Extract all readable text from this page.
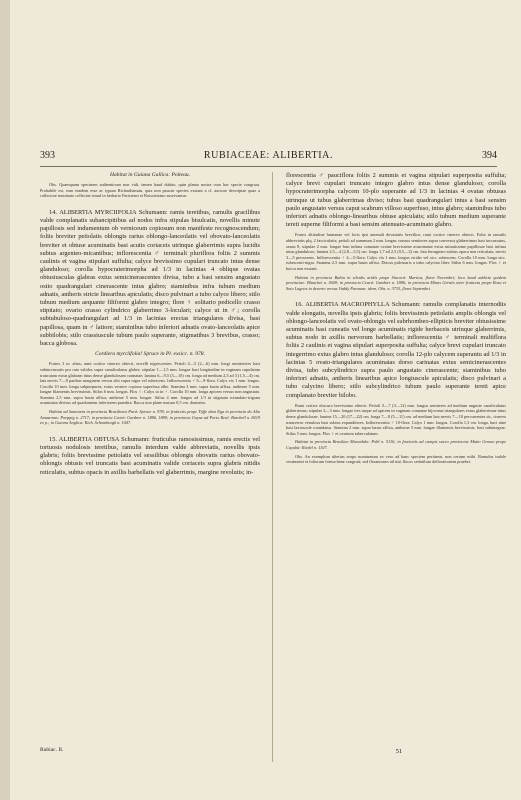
393	RUBIACEAE: ALIBERTIA.	394

Habitat in Guiana Gallica: Poiteau.

Obs. Quamquam specimen authenticum non vidi, tamen haud dubito, quin planta nostra cum hac specie congruat. Probabile est, eam eandem esse ac typum Richardianum, quia non paucae species exstant a cl. auctore descriptae quae a collectore nominato collectae simul in herbario Parisiensi et Boissieriano asservantur.

14. ALIBERTIA MYRCIIFOLIA Schumann: ramis teretibus, ramulis gracilibus valde complanatis subancipitibus ad nodos infra stipulas bisulcatis, novellis minute papillosis sed indumentum ob verniceum copiosum non manifeste recognoscendum; foliis breviter petiolatis oblongis rarius oblongo-lanceolatis vel obovato-lanceolatis breviter et obtuse acuminatis basi acutis coriaceis utrinque glaberrimis supra lucidis subtus argenteo-micantibus; inflorescentia ♂ terminali pluriflora foliis 2 summis caulinis et vagina stipulari suffulta; calyce brevissimo cupulari truncato intus dense glanduloso; corolla hypocraterimorpha ad 1/3 in lacinias 4 oblique ovatas obtusiusculas glabras extus semicinerascentes divisa, tubo a basi sensim angustato ostio quadrangulari cinerascente intus glabro; staminibus infra tubum medium adnatis, antheris stricte linearibus apiculatis; disco pulvinari a tubo calyce libero; stilo tubum medium aequante filiformi glabro integro; flore ♀ solitario pedicello crasso stipitato; ovario crasso cylindrico glaberrimo 3-loculari; calyce ut in ♂; corolla subtubuloso-quadrangulari ad 1/3 in lacinias erectas triangulares divisa, basi papillosa, quam in ♂ latiore; staminibus tubo inferiori adnatis ovato-lanceolatis apice subbilobis; stilo crassiuscule tubum paulo superante, stigmatibus 3 brevibus, crasso; bacca globosa.

Cordiera myrciifolia! Spruce in Pl. exsicc. n. 978.

Frutex 3 m. altus; rami cortice cinereo obtecti, novelli nigrescentes. Petioli 4—5 (2—6) mm. longi semiteretes basi subincrassatis pro rata validos supra canaliculatus glaber; stipulae 1—1,5 mm. longae basi longitudine in vaginam cupulatam truncatam extus glabram intus dense glandulosam connatae; lamina 6—9,5 (3—10) cm. longa ad medium 2,5 ad 3 (1,5—4) cm. lata nervis 7—8 paribus marginem versus sibi supra nigra vel rubescens. Inflorescentia ♂ 6—9-flora. Calyx vix 1 mm. longus. Corolla 10 mm. longa subpurpurea, extus vernice copiosa superfusa albo. Stamina 3 mm. supra basin affixa, antherae 5 mm. longae filamentis brevissimis. Stilus 6 mm. longus. Flos ♀: Calyx ut in ♂. Corolla 10 mm. longa apicem versus non angustata. Stamina 2,5 mm. supra basin affixa; antherae 5 mm. longae. Stilus 4 mm. longus ad 1/3 in stigmata rotundato-trigona acuminata divisus ad quadrantem inferiorem praedita. Bacca non plane matura 0,5 cm. diametro.

Habitat ad Santarem in provincia Brasiliensi Pará: Spruce n. 978; in fruticetis prope Tijffe dian Ega in provincia do Alto Amazonas: Poeppig n. 2717; in provincia Ceará: Gardner n. 1886, 1889; in provincia Goyaz ad Porto Real: Burchell n. 8419 ex p.; in Guiana Anglica: Rich. Schomburgk n. 1047.

15. ALIBERTIA OBTUSA Schumann: fruticulus ramosissimus, ramis erectis vel tortuosis nodulosis teretibus, ramulis interdum valde abbreviatis, novellis ipsis glabris; foliis brevissime petiolatis vel sessilibus oblongis obovatis rarius obovato-oblongis obtusis vel truncatis basi acuminatis valide coriaceis supra glabris nitidis reticulatis, subtus opacis in axillis barbellatis vel glaberrimis, margine revolutis; in-

florescentia ♂ pauciflora foliis 2 summis et vagina stipulari superposita suffulta; calyce brevi cupulari truncato integro glabro intus dense glanduloso; corolla hypocraterimorpha calycem 10-plo superante ad 1/3 in lacinias 4 ovatas obtusas utrinque ut tubus glaberrimas diviso; tubus basi quadrangulari intus a basi sensim paulo angustato versus caput scabrum villoso superfuso, intus glabro; staminibus tubo inferiori adnatis oblongo-linearibus obtuse apiculatis; stilo tubum medium superante tereti superne filiformi a basi sensim attenuato-acuminato glabro.

Frutex altitudine humanae vel locis ipsi anomali devastatis brevilior; rami cortice cinereo obtecti. Folia in ramulis abbreviatis plq. 2 fasciculatis; petioli ad summum 2 mm. longus crassus semiteres supra convexus glaberrimus basi incrassatus, sanus 8; stipulae 2 mm. longae basi infima connatae ovatae brevissime acuminatae extus minutissime papillosae basi infima intus glanduloso; lamina 2,5—4 (2,8—5,5) cm. longa 1,7 ad 2,5 (0,5—3) cm. lata ferrugineo subtus opaca non reticulata, nervis 3—5 precurrens. Inflorescentia ♂ 4—5-flora. Calyx vix 1 mm. longus viridis vel sicc. rubescens. Corolla 10 mm. longa sicc. rubescenti-nigra. Stamina 2,5 mm. supra basin affixa. Discus pulvinaris a tubo calycino liber. Stilus 6 mm. longus. Flos ♀ et bacca non exstant.

Habitat in provincia Bahia in silvulis aridis prope Sincorá: Martius, floret Novembri; loco haud addicto quidem provinciae: Blanchet n. 3669; in provincia Ceará: Gardner n. 1886; in provincia Minas Geraës inter fruticeta prope Rosa et Soto Lagoos in deserto versus Vaddy Paranan: idem, Obs. n. 3735, floret Septembri.

16. ALIBERTIA MACROPHYLLA Schumann: ramulis complanatis internodiis valde elongatis, novellis ipsis glabris; foliis brevissimis petiolatis amplis oblongis vel oblongo-lanceolatis vel ovato-oblongis vel subrhombeo-ellipticis breviter obtusissime acuminatis basi cuneatis vel longe acuminatis rigide herbaceis utrinque glaberrimis, subtus nodo in axillis nervorum barbellatis; inflorescentia ♂ terminali multiflora foliis 2 caulinis et vagina stipulari superposita suffulta; calyce brevi cupulari truncato integerrimo extus glabro intus glanduloso; corolla 12-plo calycem superantu ad 1/3 in lacinias 5 ovato-triangulares acuminatas dorso carinatas extus semicinerascentes divisa, tubo subcylindrico supra paulo angustato cinerascente; staminibus tubo inferiori adnatis, antheris linearibus apice longiuscule apiculatis; disco pulvinari a tubo calycino libero; stilo subcylindrico tubum paulo superante tereti apice complanato breviter bilobo.

Rami cortice obscuro brevissimo obtecti. Petioli 5—7 (3—12) mm. longus semiteres ad medium anguste canaliculatus glaberrimus; stipulae 2—3 mm. longae tres usque ad apicem in vaginam connatae bijovatas triangulares extus glaberrimae intus dense glandulosae; lamina 15—20 (17—22) cm. longa 7—8 (5—11) cm. ad medium lata nervis 7—10 percurrentes sic, cinereo transverse venulosa basi subtus expanditeres. Inflorescentia ♂ 10-flora. Calyx 1 mm. longus. Corolla 1,3 cm. longa, baci nine basi laxiuscule rotundatus. Stamina 2 mm. supra basin affixa, antherae 5 mm. longae filamentis brevissimis, basi subintegrae. Stilus 5 mm. longus. Flos ♀ et ovarium tuberculatum.

Habitat in provincia Brasiliae Maranhão: Pohl n. 5116; in fruticetis ad campis sueco provinciae Matto Grosso prope Cuyabá: Riedel n. 1107.

Obs. An exemplum ulterius eorpo nominatum ex vero ad hanc speciem pertineat, non certum mihi. Ramulus indole vestimenti et foliorum forma bene congruit; sed floraniones nil nisi flocos sedutilum deflorationem praebet.

Rubiac. II.	51
